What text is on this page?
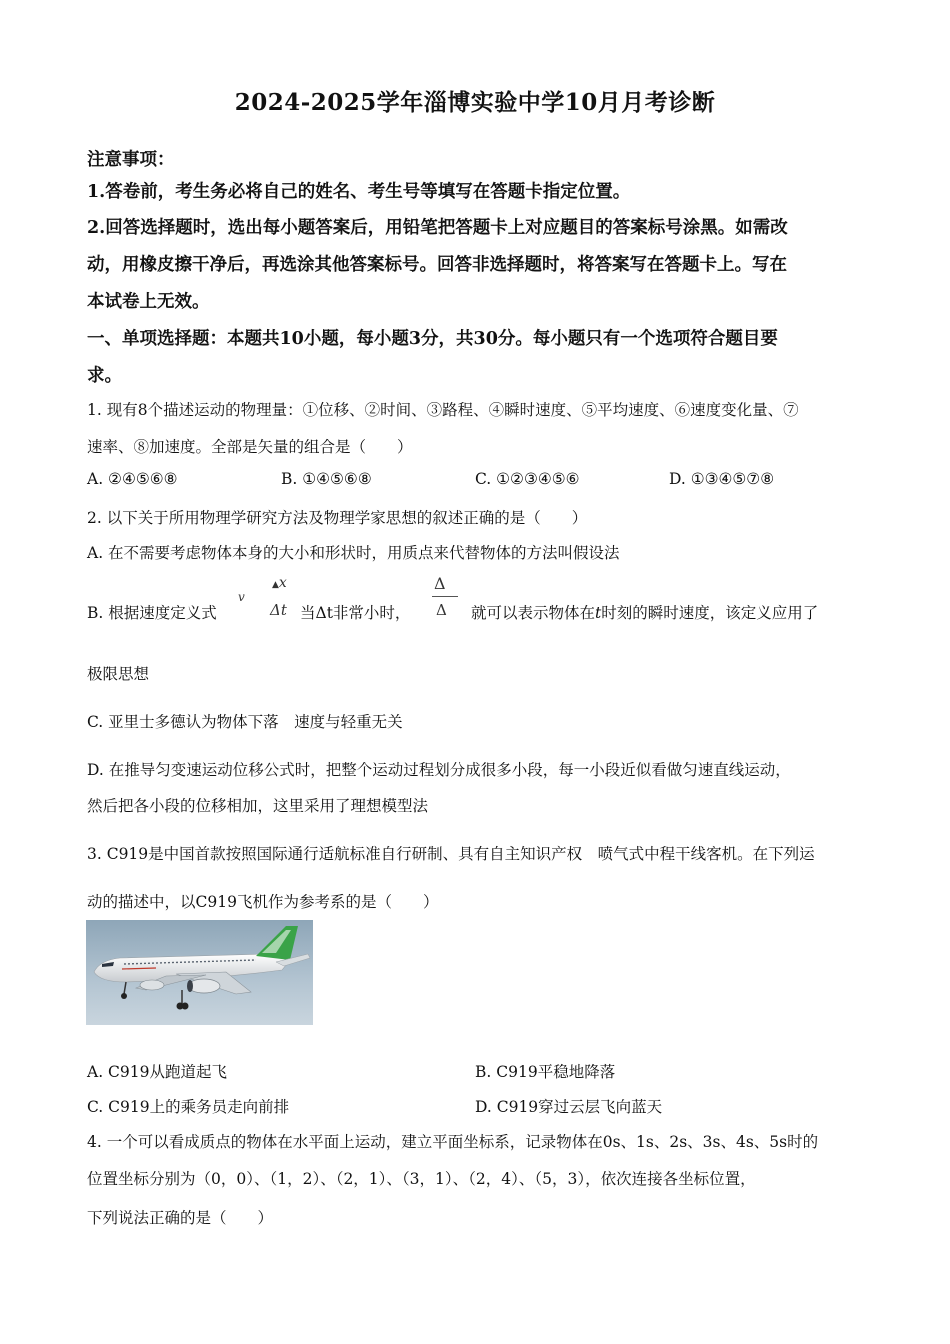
2024-2025学年淄博实验中学10月月考诊断
注意事项：
1.答卷前，考生务必将自己的姓名、考生号等填写在答题卡指定位置。
2.回答选择题时，选出每小题答案后，用铅笔把答题卡上对应题目的答案标号涂黑。如需改
动，用橡皮擦干净后，再选涂其他答案标号。回答非选择题时，将答案写在答题卡上。写在
本试卷上无效。
一、单项选择题：本题共10小题，每小题3分，共30分。每小题只有一个选项符合题目要
求。
1. 现有8个描述运动的物理量：①位移、②时间、③路程、④瞬时速度、⑤平均速度、⑥速度变化量、⑦
速率、⑧加速度。全部是矢量的组合是（　　）
A. ②④⑤⑥⑧	B. ①④⑤⑥⑧	C. ①②③④⑤⑥	D. ①③④⑤⑦⑧
2. 以下关于所用物理学研究方法及物理学家思想的叙述正确的是（　　）
A. 在不需要考虑物体本身的大小和形状时，用质点来代替物体的方法叫假设法
B. 根据速度定义式
v
▲x
Δt 当Δt非常小时，
Δ
Δ 就可以表示物体在t时刻的瞬时速度，该定义应用了
极限思想
C. 亚里士多德认为物体下落　速度与轻重无关
D. 在推导匀变速运动位移公式时，把整个运动过程划分成很多小段，每一小段近似看做匀速直线运动，
然后把各小段的位移相加，这里采用了理想模型法
3. C919是中国首款按照国际通行适航标准自行研制、具有自主知识产权　喷气式中程干线客机。在下列运
动的描述中，以C919飞机作为参考系的是（　　）
A. C919从跑道起飞	B. C919平稳地降落
C. C919上的乘务员走向前排	D. C919穿过云层飞向蓝天
4. 一个可以看成质点的物体在水平面上运动，建立平面坐标系，记录物体在0s、1s、2s、3s、4s、5s时的
位置坐标分别为（0，0）、（1，2）、（2，1）、（3，1）、（2，4）、（5，3），依次连接各坐标位置，
下列说法正确的是（　　）
